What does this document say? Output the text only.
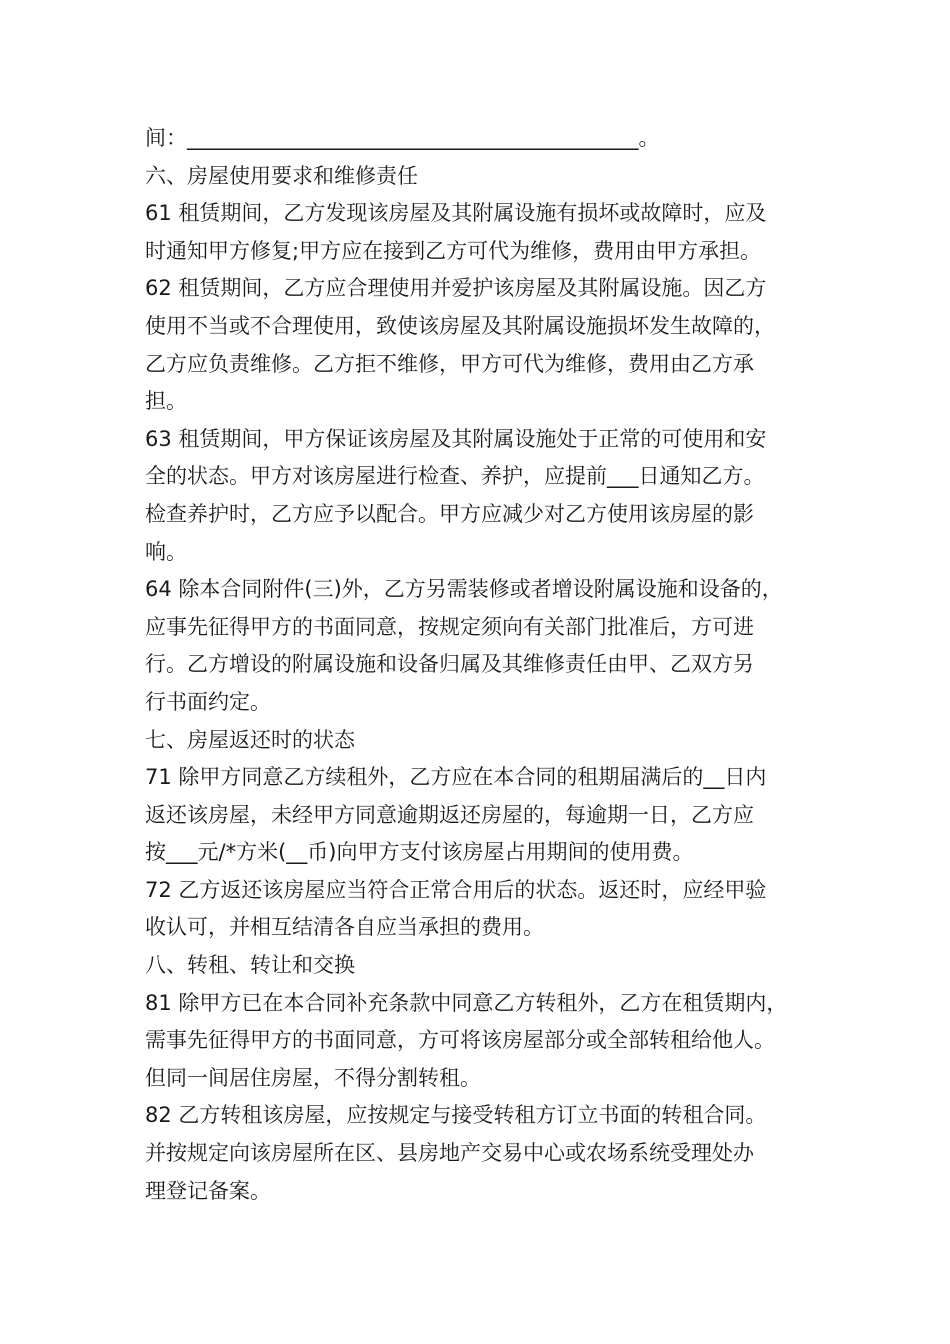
间：___________________________________________。
六、房屋使用要求和维修责任
61 租赁期间，乙方发现该房屋及其附属设施有损坏或故障时，应及
时通知甲方修复;甲方应在接到乙方可代为维修，费用由甲方承担。
62 租赁期间，乙方应合理使用并爱护该房屋及其附属设施。因乙方
使用不当或不合理使用，致使该房屋及其附属设施损坏发生故障的，
乙方应负责维修。乙方拒不维修，甲方可代为维修，费用由乙方承
担。
63 租赁期间，甲方保证该房屋及其附属设施处于正常的可使用和安
全的状态。甲方对该房屋进行检查、养护，应提前___日通知乙方。
检查养护时，乙方应予以配合。甲方应减少对乙方使用该房屋的影
响。
64 除本合同附件(三)外，乙方另需装修或者增设附属设施和设备的，
应事先征得甲方的书面同意，按规定须向有关部门批准后，方可进
行。乙方增设的附属设施和设备归属及其维修责任由甲、乙双方另
行书面约定。
七、房屋返还时的状态
71 除甲方同意乙方续租外，乙方应在本合同的租期届满后的__日内
返还该房屋，未经甲方同意逾期返还房屋的，每逾期一日，乙方应
按___元/*方米(__币)向甲方支付该房屋占用期间的使用费。
72 乙方返还该房屋应当符合正常合用后的状态。返还时，应经甲验
收认可，并相互结清各自应当承担的费用。
八、转租、转让和交换
81 除甲方已在本合同补充条款中同意乙方转租外，乙方在租赁期内，
需事先征得甲方的书面同意，方可将该房屋部分或全部转租给他人。
但同一间居住房屋，不得分割转租。
82 乙方转租该房屋，应按规定与接受转租方订立书面的转租合同。
并按规定向该房屋所在区、县房地产交易中心或农场系统受理处办
理登记备案。
